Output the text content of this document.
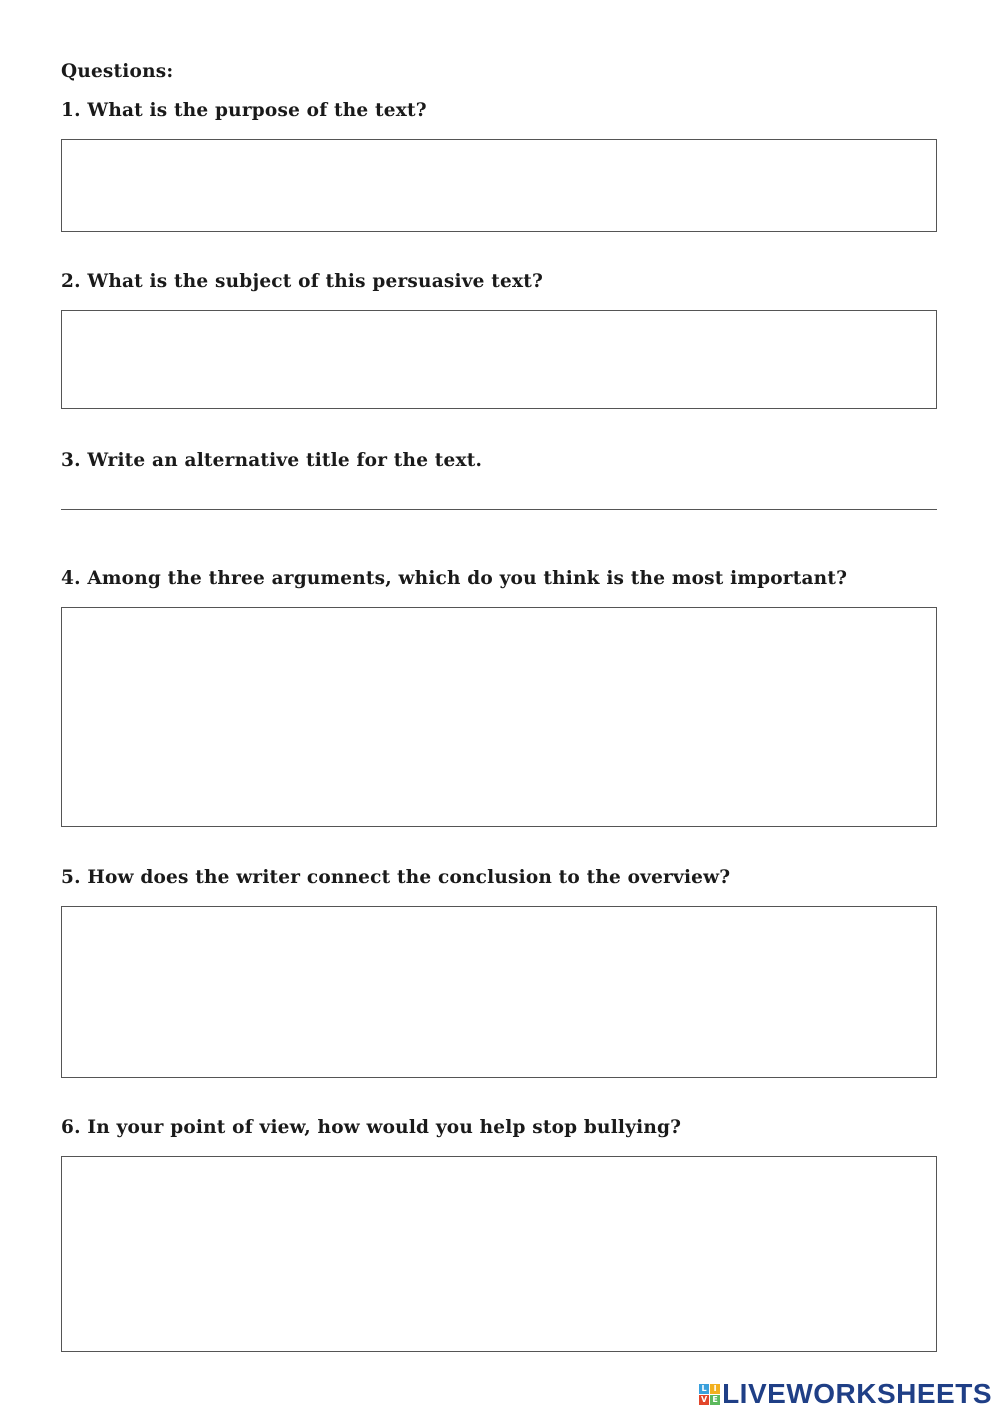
Questions:

1. What is the purpose of the text?

2. What is the subject of this persuasive text?

3. Write an alternative title for the text.

4. Among the three arguments, which do you think is the most important?

5. How does the writer connect the conclusion to the overview?

6. In your point of view, how would you help stop bullying?

L I
V E LIVEWORKSHEETS
